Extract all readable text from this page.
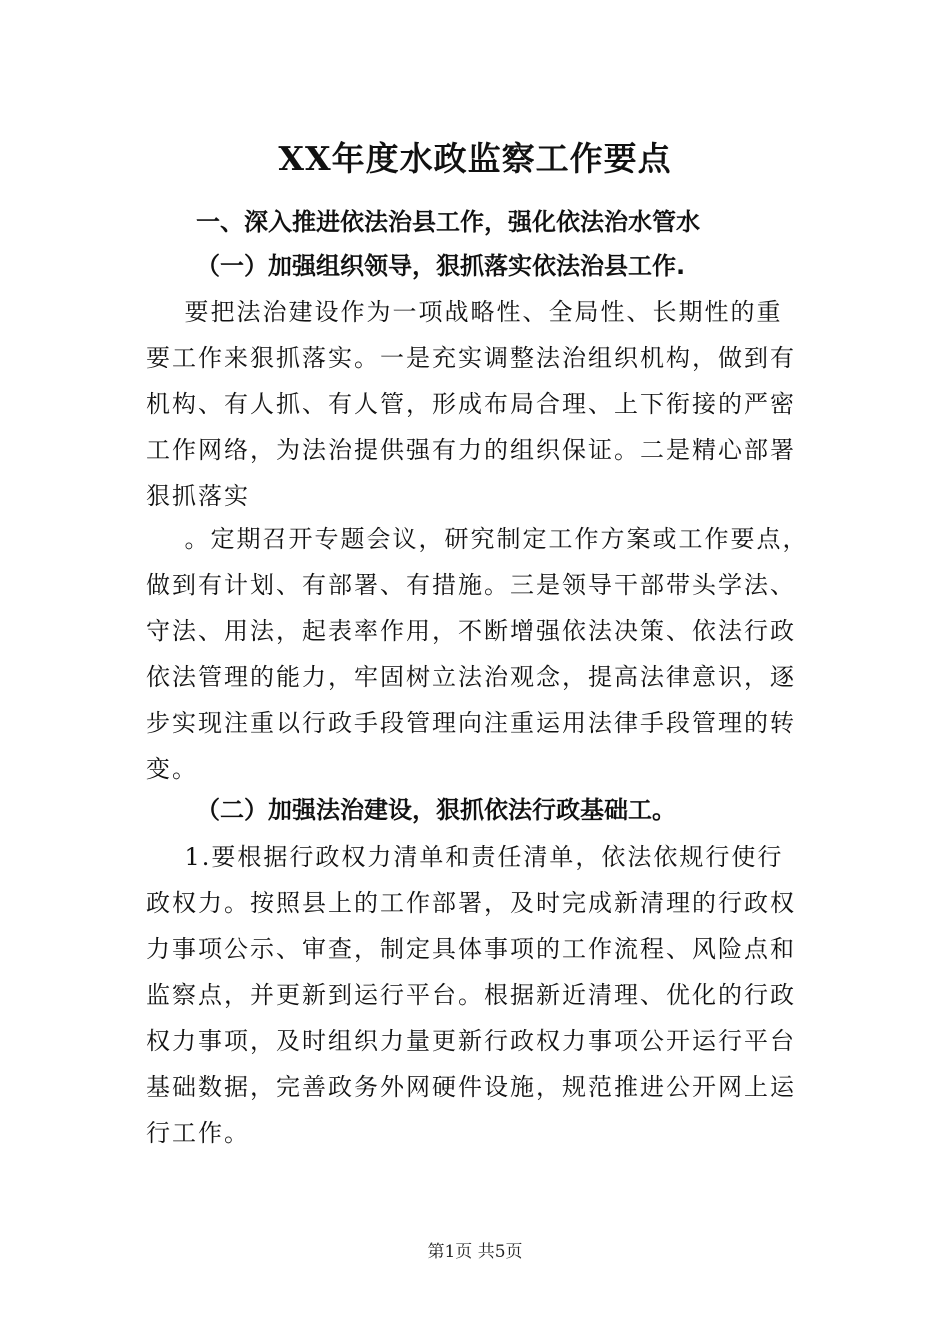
XX年度水政监察工作要点
一、深入推进依法治县工作，强化依法治水管水
（一）加强组织领导，狠抓落实依法治县工作.
要把法治建设作为一项战略性、全局性、长期性的重
要工作来狠抓落实。一是充实调整法治组织机构，做到有
机构、有人抓、有人管，形成布局合理、上下衔接的严密
工作网络，为法治提供强有力的组织保证。二是精心部署
狠抓落实
。定期召开专题会议，研究制定工作方案或工作要点，
做到有计划、有部署、有措施。三是领导干部带头学法、
守法、用法，起表率作用，不断增强依法决策、依法行政
依法管理的能力，牢固树立法治观念，提高法律意识，逐
步实现注重以行政手段管理向注重运用法律手段管理的转
变。
（二）加强法治建设，狠抓依法行政基础工。
1.要根据行政权力清单和责任清单，依法依规行使行
政权力。按照县上的工作部署，及时完成新清理的行政权
力事项公示、审查，制定具体事项的工作流程、风险点和
监察点，并更新到运行平台。根据新近清理、优化的行政
权力事项，及时组织力量更新行政权力事项公开运行平台
基础数据，完善政务外网硬件设施，规范推进公开网上运
行工作。
第1页 共5页
